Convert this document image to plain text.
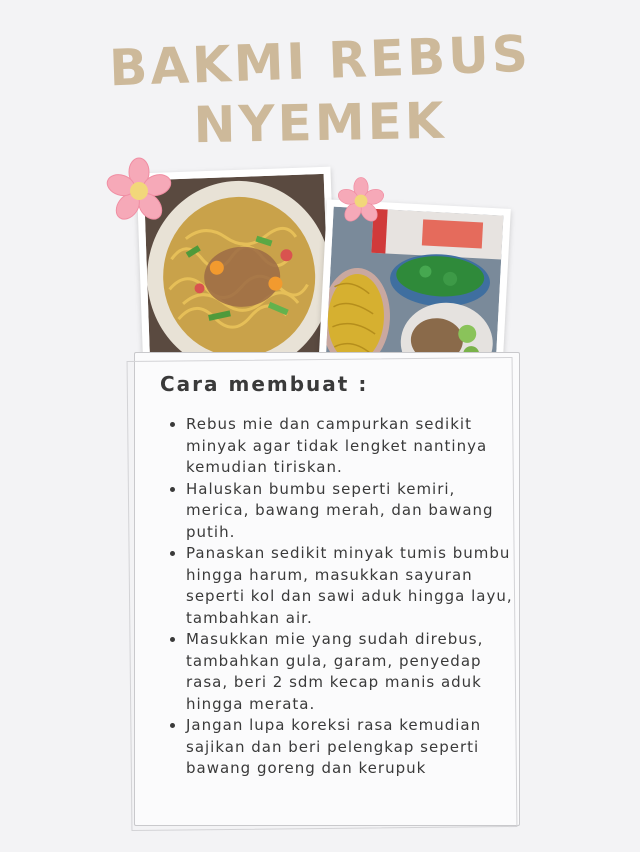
BAKMI REBUS
NYEMEK
Cara membuat :
• Rebus mie dan campurkan sedikit minyak agar tidak lengket nantinya kemudian tiriskan.
• Haluskan bumbu seperti kemiri, merica, bawang merah, dan bawang putih.
• Panaskan sedikit minyak tumis bumbu hingga harum, masukkan sayuran seperti kol dan sawi aduk hingga layu, tambahkan air.
• Masukkan mie yang sudah direbus, tambahkan gula, garam, penyedap rasa, beri 2 sdm kecap manis aduk hingga merata.
• Jangan lupa koreksi rasa kemudian sajikan dan beri pelengkap seperti bawang goreng dan kerupuk
